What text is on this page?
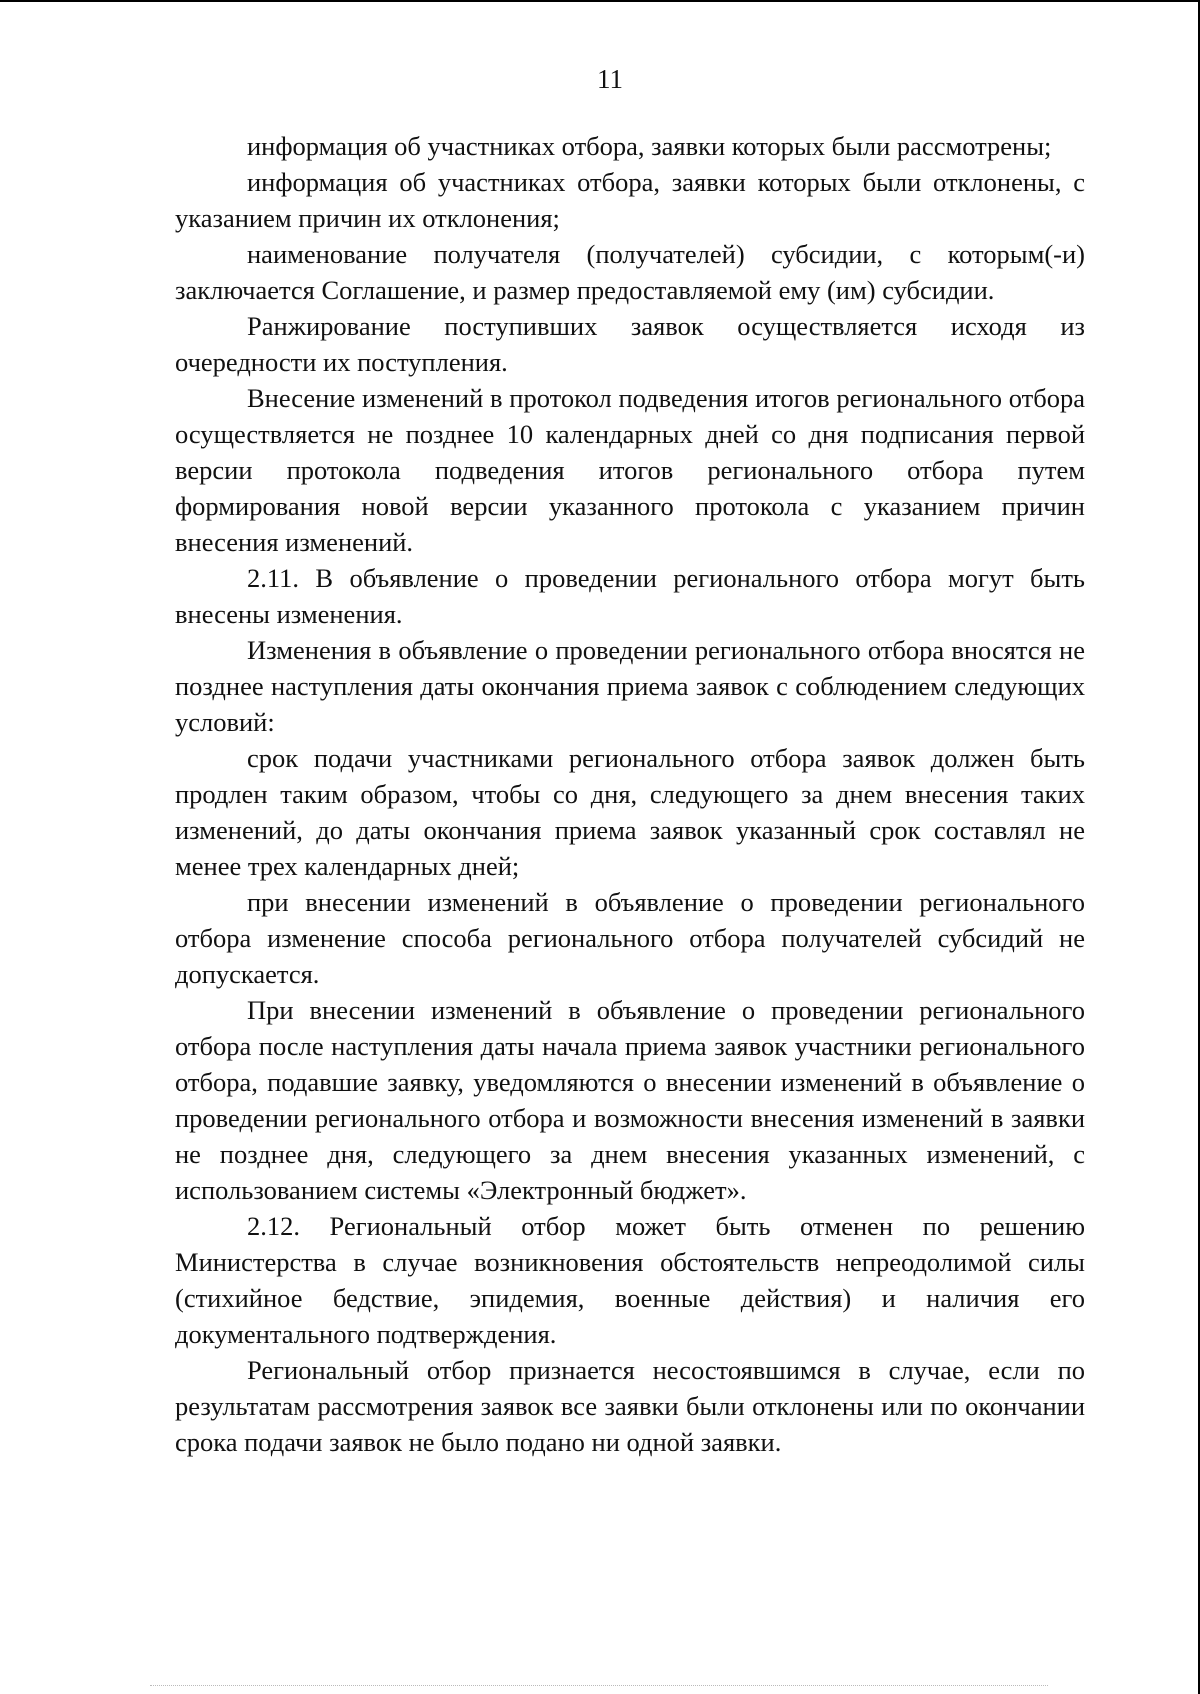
11

информация об участниках отбора, заявки которых были рассмотрены;

информация об участниках отбора, заявки которых были отклонены, с указанием причин их отклонения;

наименование получателя (получателей) субсидии, с которым(-и) заключается Соглашение, и размер предоставляемой ему (им) субсидии.

Ранжирование поступивших заявок осуществляется исходя из очередности их поступления.

Внесение изменений в протокол подведения итогов регионального отбора осуществляется не позднее 10 календарных дней со дня подписания первой версии протокола подведения итогов регионального отбора путем формирования новой версии указанного протокола с указанием причин внесения изменений.

2.11. В объявление о проведении регионального отбора могут быть внесены изменения.

Изменения в объявление о проведении регионального отбора вносятся не позднее наступления даты окончания приема заявок с соблюдением следующих условий:

срок подачи участниками регионального отбора заявок должен быть продлен таким образом, чтобы со дня, следующего за днем внесения таких изменений, до даты окончания приема заявок указанный срок составлял не менее трех календарных дней;

при внесении изменений в объявление о проведении регионального отбора изменение способа регионального отбора получателей субсидий не допускается.

При внесении изменений в объявление о проведении регионального отбора после наступления даты начала приема заявок участники регионального отбора, подавшие заявку, уведомляются о внесении изменений в объявление о проведении регионального отбора и возможности внесения изменений в заявки не позднее дня, следующего за днем внесения указанных изменений, с использованием системы «Электронный бюджет».

2.12. Региональный отбор может быть отменен по решению Министерства в случае возникновения обстоятельств непреодолимой силы (стихийное бедствие, эпидемия, военные действия) и наличия его документального подтверждения.

Региональный отбор признается несостоявшимся в случае, если по результатам рассмотрения заявок все заявки были отклонены или по окончании срока подачи заявок не было подано ни одной заявки.
